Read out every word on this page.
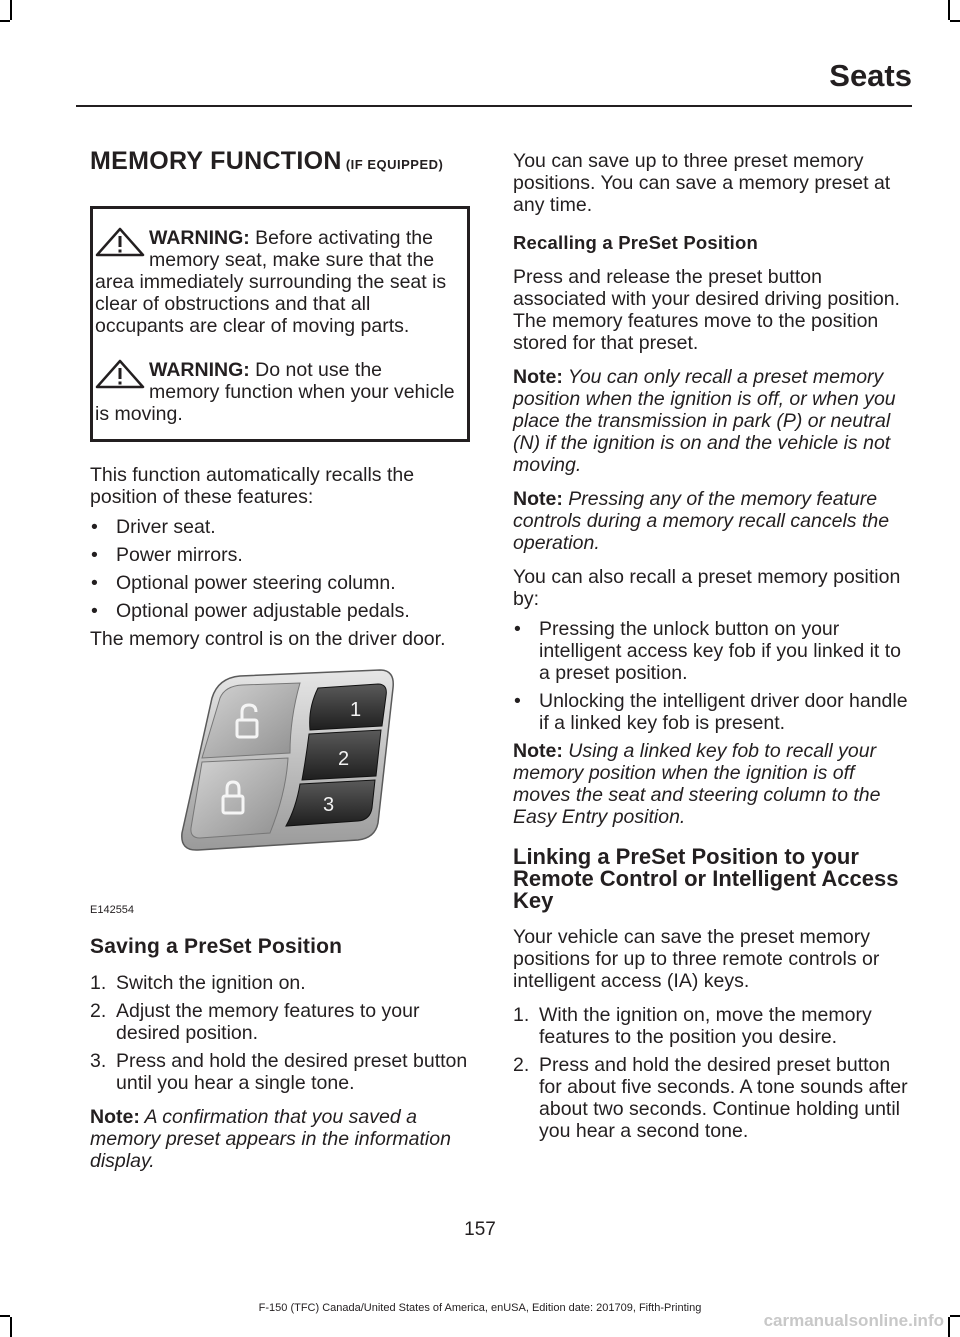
Seats
MEMORY FUNCTION (IF EQUIPPED)

WARNING: Before activating the memory seat, make sure that the area immediately surrounding the seat is clear of obstructions and that all occupants are clear of moving parts.

WARNING: Do not use the memory function when your vehicle is moving.

This function automatically recalls the position of these features:

• Driver seat.
• Power mirrors.
• Optional power steering column.
• Optional power adjustable pedals.

The memory control is on the driver door.

1
2
3
E142554
Saving a PreSet Position
1. Switch the ignition on.
2. Adjust the memory features to your desired position.
3. Press and hold the desired preset button until you hear a single tone.

Note: A confirmation that you saved a memory preset appears in the information display.

You can save up to three preset memory positions. You can save a memory preset at any time.

Recalling a PreSet Position

Press and release the preset button associated with your desired driving position. The memory features move to the position stored for that preset.

Note: You can only recall a preset memory position when the ignition is off, or when you place the transmission in park (P) or neutral (N) if the ignition is on and the vehicle is not moving.

Note: Pressing any of the memory feature controls during a memory recall cancels the operation.

You can also recall a preset memory position by:

• Pressing the unlock button on your intelligent access key fob if you linked it to a preset position.
• Unlocking the intelligent driver door handle if a linked key fob is present.

Note: Using a linked key fob to recall your memory position when the ignition is off moves the seat and steering column to the Easy Entry position.

Linking a PreSet Position to your Remote Control or Intelligent Access Key

Your vehicle can save the preset memory positions for up to three remote controls or intelligent access (IA) keys.

1. With the ignition on, move the memory features to the position you desire.
2. Press and hold the desired preset button for about five seconds. A tone sounds after about two seconds. Continue holding until you hear a second tone.
157
F-150 (TFC) Canada/United States of America, enUSA, Edition date: 201709, Fifth-Printing
carmanualsonline.info
